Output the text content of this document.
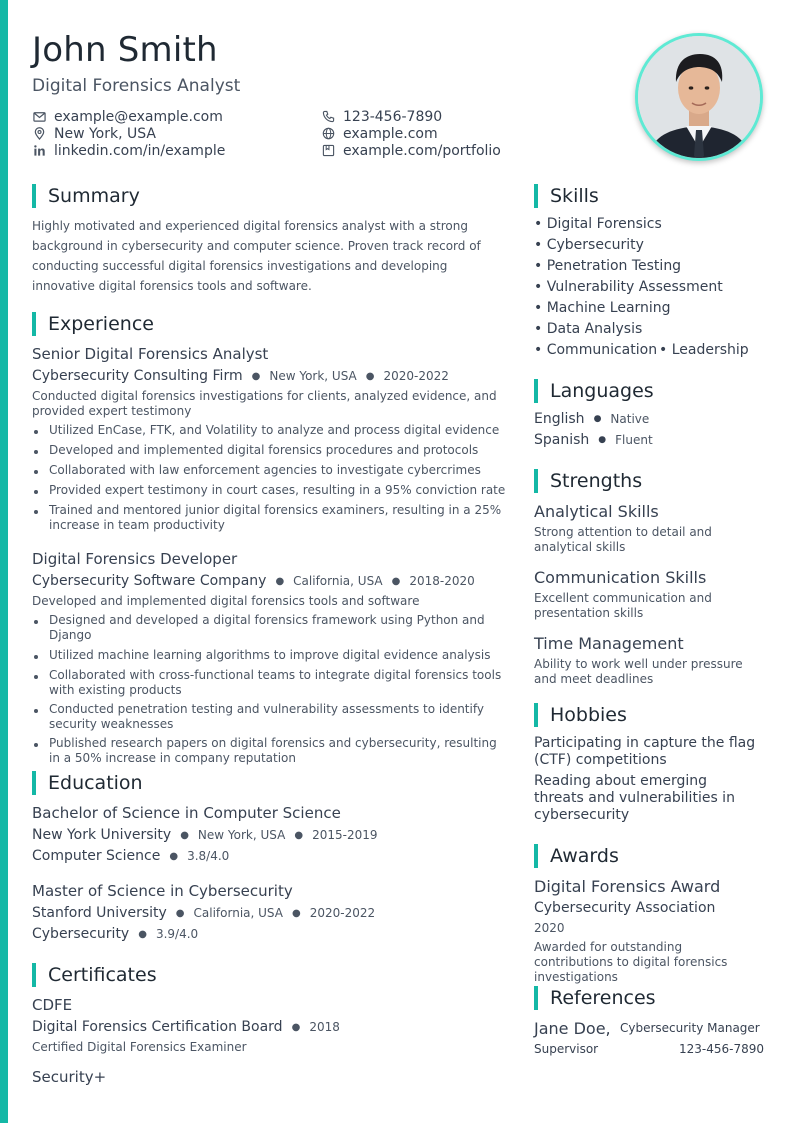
John Smith
Digital Forensics Analyst
example@example.com
New York, USA
linkedin.com/in/example
123-456-7890
example.com
example.com/portfolio
Summary
Highly motivated and experienced digital forensics analyst with a strong background in cybersecurity and computer science. Proven track record of conducting successful digital forensics investigations and developing innovative digital forensics tools and software.
Experience
Senior Digital Forensics Analyst
Cybersecurity Consulting Firm ● New York, USA ● 2020-2022
Conducted digital forensics investigations for clients, analyzed evidence, and provided expert testimony
Utilized EnCase, FTK, and Volatility to analyze and process digital evidence
Developed and implemented digital forensics procedures and protocols
Collaborated with law enforcement agencies to investigate cybercrimes
Provided expert testimony in court cases, resulting in a 95% conviction rate
Trained and mentored junior digital forensics examiners, resulting in a 25% increase in team productivity
Digital Forensics Developer
Cybersecurity Software Company ● California, USA ● 2018-2020
Developed and implemented digital forensics tools and software
Designed and developed a digital forensics framework using Python and Django
Utilized machine learning algorithms to improve digital evidence analysis
Collaborated with cross-functional teams to integrate digital forensics tools with existing products
Conducted penetration testing and vulnerability assessments to identify security weaknesses
Published research papers on digital forensics and cybersecurity, resulting in a 50% increase in company reputation
Education
Bachelor of Science in Computer Science
New York University ● New York, USA ● 2015-2019
Computer Science ● 3.8/4.0
Master of Science in Cybersecurity
Stanford University ● California, USA ● 2020-2022
Cybersecurity ● 3.9/4.0
Certificates
CDFE
Digital Forensics Certification Board ● 2018
Certified Digital Forensics Examiner
Security+
Skills
• Digital Forensics
• Cybersecurity
• Penetration Testing
• Vulnerability Assessment
• Machine Learning
• Data Analysis
• Communication • Leadership
Languages
English ● Native
Spanish ● Fluent
Strengths
Analytical Skills
Strong attention to detail and analytical skills
Communication Skills
Excellent communication and presentation skills
Time Management
Ability to work well under pressure and meet deadlines
Hobbies
Participating in capture the flag (CTF) competitions
Reading about emerging threats and vulnerabilities in cybersecurity
Awards
Digital Forensics Award
Cybersecurity Association
2020
Awarded for outstanding contributions to digital forensics investigations
References
Jane Doe, Cybersecurity Manager
Supervisor	123-456-7890
